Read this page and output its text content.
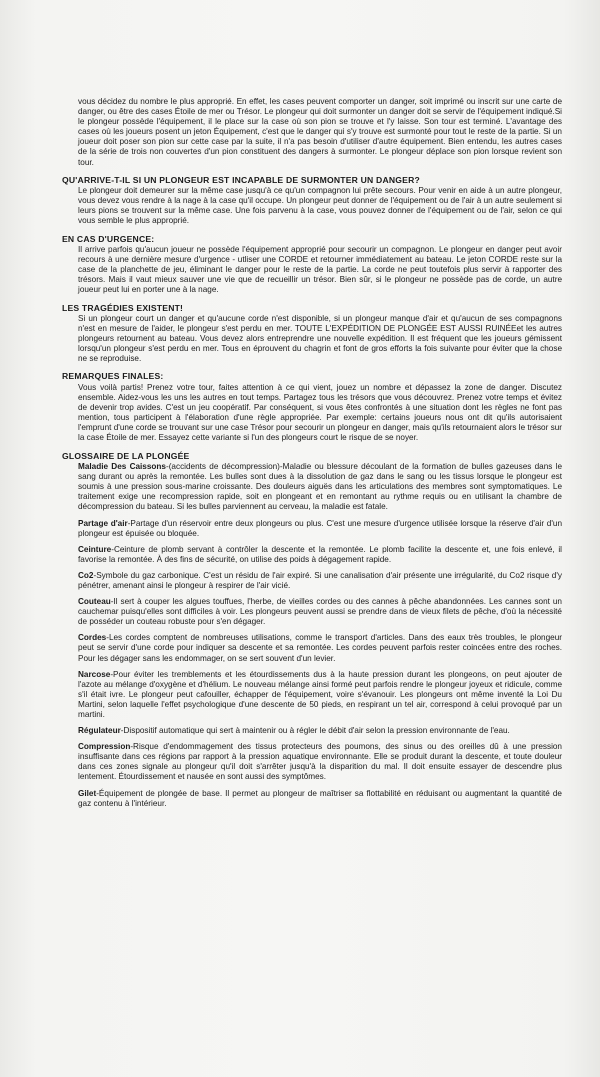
vous décidez du nombre le plus approprié. En effet, les cases peuvent comporter un danger, soit imprimé ou inscrit sur une carte de danger, ou être des cases Étoile de mer ou Trésor. Le plongeur qui doit surmonter un danger doit se servir de l'équipement indiqué.Si le plongeur possède l'équipement, il le place sur la case où son pion se trouve et l'y laisse. Son tour est terminé. L'avantage des cases où les joueurs posent un jeton Équipement, c'est que le danger qui s'y trouve est surmonté pour tout le reste de la partie. Si un joueur doit poser son pion sur cette case par la suite, il n'a pas besoin d'utiliser d'autre équipement. Bien entendu, les autres cases de la série de trois non couvertes d'un pion constituent des dangers à surmonter. Le plongeur déplace son pion lorsque revient son tour.

QU'ARRIVE-T-IL SI UN PLONGEUR EST INCAPABLE DE SURMONTER UN DANGER?

Le plongeur doit demeurer sur la même case jusqu'à ce qu'un compagnon lui prête secours. Pour venir en aide à un autre plongeur, vous devez vous rendre à la nage à la case qu'il occupe. Un plongeur peut donner de l'équipement ou de l'air à un autre seulement si leurs pions se trouvent sur la même case. Une fois parvenu à la case, vous pouvez donner de l'équipement ou de l'air, selon ce qui vous semble le plus approprié.

EN CAS D'URGENCE:

Il arrive parfois qu'aucun joueur ne possède l'équipement approprié pour secourir un compagnon. Le plongeur en danger peut avoir recours à une dernière mesure d'urgence - utliser une CORDE et retourner immédiatement au bateau. Le jeton CORDE reste sur la case de la planchette de jeu, éliminant le danger pour le reste de la partie. La corde ne peut toutefois plus servir à rapporter des trésors. Mais il vaut mieux sauver une vie que de recueillir un trésor. Bien sûr, si le plongeur ne possède pas de corde, un autre joueur peut lui en porter une à la nage.

LES TRAGÉDIES EXISTENT!

Si un plongeur court un danger et qu'aucune corde n'est disponible, si un plongeur manque d'air et qu'aucun de ses compagnons n'est en mesure de l'aider, le plongeur s'est perdu en mer. TOUTE L'EXPÉDITION DE PLONGÉE EST AUSSI RUINÉEet les autres plongeurs retournent au bateau. Vous devez alors entreprendre une nouvelle expédition. Il est fréquent que les joueurs gémissent lorsqu'un plongeur s'est perdu en mer. Tous en éprouvent du chagrin et font de gros efforts la fois suivante pour éviter que la chose ne se reproduise.

REMARQUES FINALES:

Vous voilà partis! Prenez votre tour, faites attention à ce qui vient, jouez un nombre et dépassez la zone de danger. Discutez ensemble. Aidez-vous les uns les autres en tout temps. Partagez tous les trésors que vous découvrez. Prenez votre temps et évitez de devenir trop avides. C'est un jeu coopératif. Par conséquent, si vous êtes confrontés à une situation dont les règles ne font pas mention, tous participent à l'élaboration d'une règle appropriée. Par exemple: certains joueurs nous ont dit qu'ils autorisaient l'emprunt d'une corde se trouvant sur une case Trésor pour secourir un plongeur en danger, mais qu'ils retournaient alors le trésor sur la case Étoile de mer. Essayez cette variante si l'un des plongeurs court le risque de se noyer.

GLOSSAIRE DE LA PLONGÉE

Maladie Des Caissons-(accidents de décompression)-Maladie ou blessure découlant de la formation de bulles gazeuses dans le sang durant ou après la remontée. Les bulles sont dues à la dissolution de gaz dans le sang ou les tissus lorsque le plongeur est soumis à une pression sous-marine croissante. Des douleurs aiguës dans les articulations des membres sont symptomatiques. Le traitement exige une recompression rapide, soit en plongeant et en remontant au rythme requis ou en utilisant la chambre de décompression du bateau. Si les bulles parviennent au cerveau, la maladie est fatale.

Partage d'air-Partage d'un réservoir entre deux plongeurs ou plus. C'est une mesure d'urgence utilisée lorsque la réserve d'air d'un plongeur est épuisée ou bloquée.

Ceinture-Ceinture de plomb servant à contrôler la descente et la remontée. Le plomb facilite la descente et, une fois enlevé, il favorise la remontée. À des fins de sécurité, on utilise des poids à dégagement rapide.

Co2-Symbole du gaz carbonique. C'est un résidu de l'air expiré. Si une canalisation d'air présente une irrégularité, du Co2 risque d'y pénétrer, amenant ainsi le plongeur à respirer de l'air vicié.

Couteau-Il sert à couper les algues touffues, l'herbe, de vieilles cordes ou des cannes à pêche abandonnées. Les cannes sont un cauchemar puisqu'elles sont difficiles à voir. Les plongeurs peuvent aussi se prendre dans de vieux filets de pêche, d'où la nécessité de posséder un couteau robuste pour s'en dégager.

Cordes-Les cordes comptent de nombreuses utilisations, comme le transport d'articles. Dans des eaux très troubles, le plongeur peut se servir d'une corde pour indiquer sa descente et sa remontée. Les cordes peuvent parfois rester coincées entre des roches. Pour les dégager sans les endommager, on se sert souvent d'un levier.

Narcose-Pour éviter les tremblements et les étourdissements dus à la haute pression durant les plongeons, on peut ajouter de l'azote au mélange d'oxygène et d'hélium. Le nouveau mélange ainsi formé peut parfois rendre le plongeur joyeux et ridicule, comme s'il était ivre. Le plongeur peut cafouiller, échapper de l'équipement, voire s'évanouir. Les plongeurs ont même inventé la Loi Du Martini, selon laquelle l'effet psychologique d'une descente de 50 pieds, en respirant un tel air, correspond à celui provoqué par un martini.

Régulateur-Dispositif automatique qui sert à maintenir ou à régler le débit d'air selon la pression environnante de l'eau.

Compression-Risque d'endommagement des tissus protecteurs des poumons, des sinus ou des oreilles dû à une pression insuffisante dans ces régions par rapport à la pression aquatique environnante. Elle se produit durant la descente, et toute douleur dans ces zones signale au plongeur qu'il doit s'arrêter jusqu'à la disparition du mal. Il doit ensuite essayer de descendre plus lentement. Étourdissement et nausée en sont aussi des symptômes.

Gilet-Équipement de plongée de base. Il permet au plongeur de maîtriser sa flottabilité en réduisant ou augmentant la quantité de gaz contenu à l'intérieur.
